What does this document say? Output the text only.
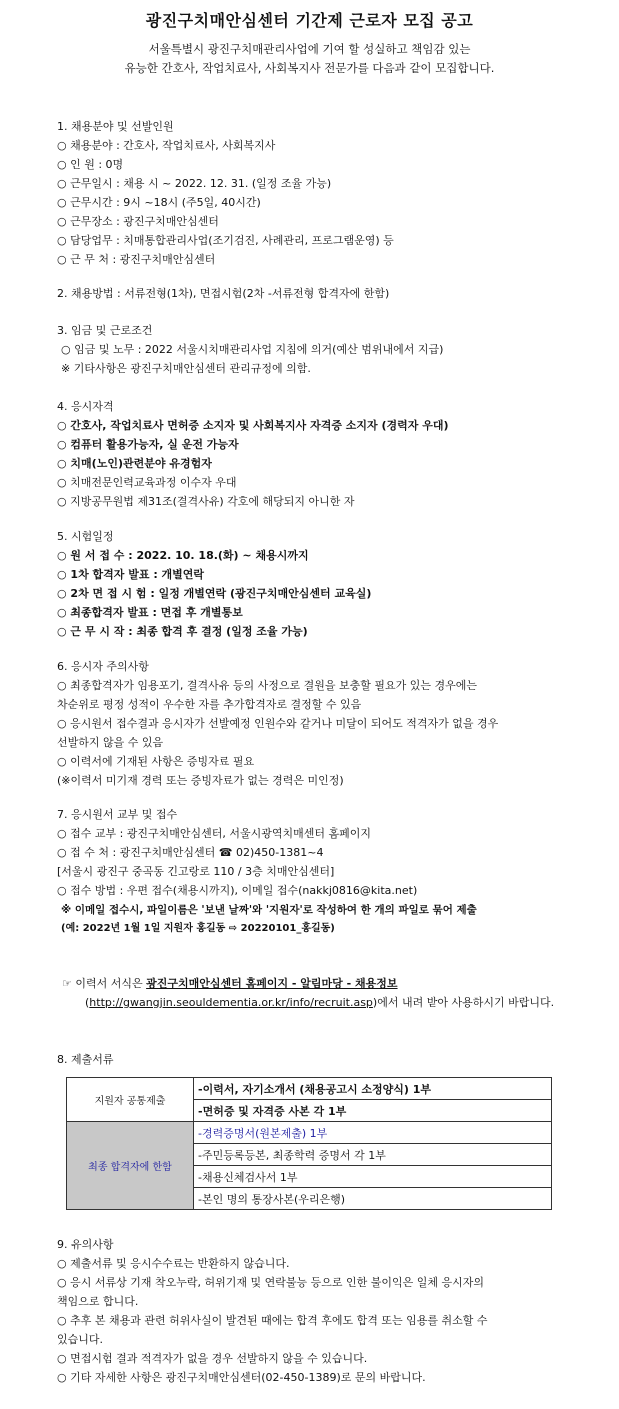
광진구치매안심센터 기간제 근로자 모집 공고
서울특별시 광진구치매관리사업에 기여 할 성실하고 책임감 있는
유능한 간호사, 작업치료사, 사회복지사 전문가를 다음과 같이 모집합니다.
1. 채용분야 및 선발인원
○ 채용분야 : 간호사, 작업치료사, 사회복지사
○ 인 원 : 0명
○ 근무일시 : 채용 시 ~ 2022. 12. 31. (일정 조율 가능)
○ 근무시간 : 9시 ~18시 (주5일, 40시간)
○ 근무장소 : 광진구치매안심센터
○ 담당업무 : 치매통합관리사업(조기검진, 사례관리, 프로그램운영) 등
○ 근 무 처 : 광진구치매안심센터
2. 채용방법 : 서류전형(1차), 면접시험(2차 -서류전형 합격자에 한함)
3. 임금 및 근로조건
○ 임금 및 노무 : 2022 서울시치매관리사업 지침에 의거(예산 범위내에서 지급)
※ 기타사항은 광진구치매안심센터 관리규정에 의함.
4. 응시자격
○ 간호사, 작업치료사 면허증 소지자 및 사회복지사 자격증 소지자 (경력자 우대)
○ 컴퓨터 활용가능자, 실 운전 가능자
○ 치매(노인)관련분야 유경험자
○ 치매전문인력교육과정 이수자 우대
○ 지방공무원법 제31조(결격사유) 각호에 해당되지 아니한 자
5. 시험일정
○ 원 서 접 수 : 2022. 10. 18.(화) ~ 채용시까지
○ 1차 합격자 발표 : 개별연락
○ 2차 면 접 시 험 : 일정 개별연락 (광진구치매안심센터 교육실)
○ 최종합격자 발표 : 면접 후 개별통보
○ 근 무 시 작 : 최종 합격 후 결정 (일정 조율 가능)
6. 응시자 주의사항
○ 최종합격자가 임용포기, 결격사유 등의 사정으로 결원을 보충할 필요가 있는 경우에는
차순위로 평정 성적이 우수한 자를 추가합격자로 결정할 수 있음
○ 응시원서 접수결과 응시자가 선발예정 인원수와 같거나 미달이 되어도 적격자가 없을 경우
선발하지 않을 수 있음
○ 이력서에 기재된 사항은 증빙자료 필요
(※이력서 미기재 경력 또는 증빙자료가 없는 경력은 미인정)
7. 응시원서 교부 및 접수
○ 접수 교부 : 광진구치매안심센터, 서울시광역치매센터 홈페이지
○ 접 수 처 : 광진구치매안심센터 ☎ 02)450-1381~4
[서울시 광진구 중곡동 긴고랑로 110 / 3층 치매안심센터]
○ 접수 방법 : 우편 접수(채용시까지), 이메일 접수(nakkj0816@kita.net)
※ 이메일 접수시, 파일이름은 '보낸 날짜'와 '지원자'로 작성하여 한 개의 파일로 묶어 제출
(예: 2022년 1월 1일 지원자 홍길동 ⇨ 20220101_홍길동)
☞ 이력서 서식은 광진구치매안심센터 홈페이지 - 알림마당 - 채용정보
(http://gwangjin.seouldementia.or.kr/info/recruit.asp)에서 내려 받아 사용하시기 바랍니다.
8. 제출서류
지원자 공통제출	-이력서, 자기소개서 (채용공고시 소정양식) 1부
	-면허증 및 자격증 사본 각 1부
최종 합격자에 한함	-경력증명서(원본제출) 1부
	-주민등록등본, 최종학력 증명서 각 1부
	-채용신체검사서 1부
	-본인 명의 통장사본(우리은행)
9. 유의사항
○ 제출서류 및 응시수수료는 반환하지 않습니다.
○ 응시 서류상 기재 착오누락, 허위기재 및 연락불능 등으로 인한 불이익은 일체 응시자의
책임으로 합니다.
○ 추후 본 채용과 관련 허위사실이 발견된 때에는 합격 후에도 합격 또는 임용를 취소할 수
있습니다.
○ 면접시험 결과 적격자가 없을 경우 선발하지 않을 수 있습니다.
○ 기타 자세한 사항은 광진구치매안심센터(02-450-1389)로 문의 바랍니다.
